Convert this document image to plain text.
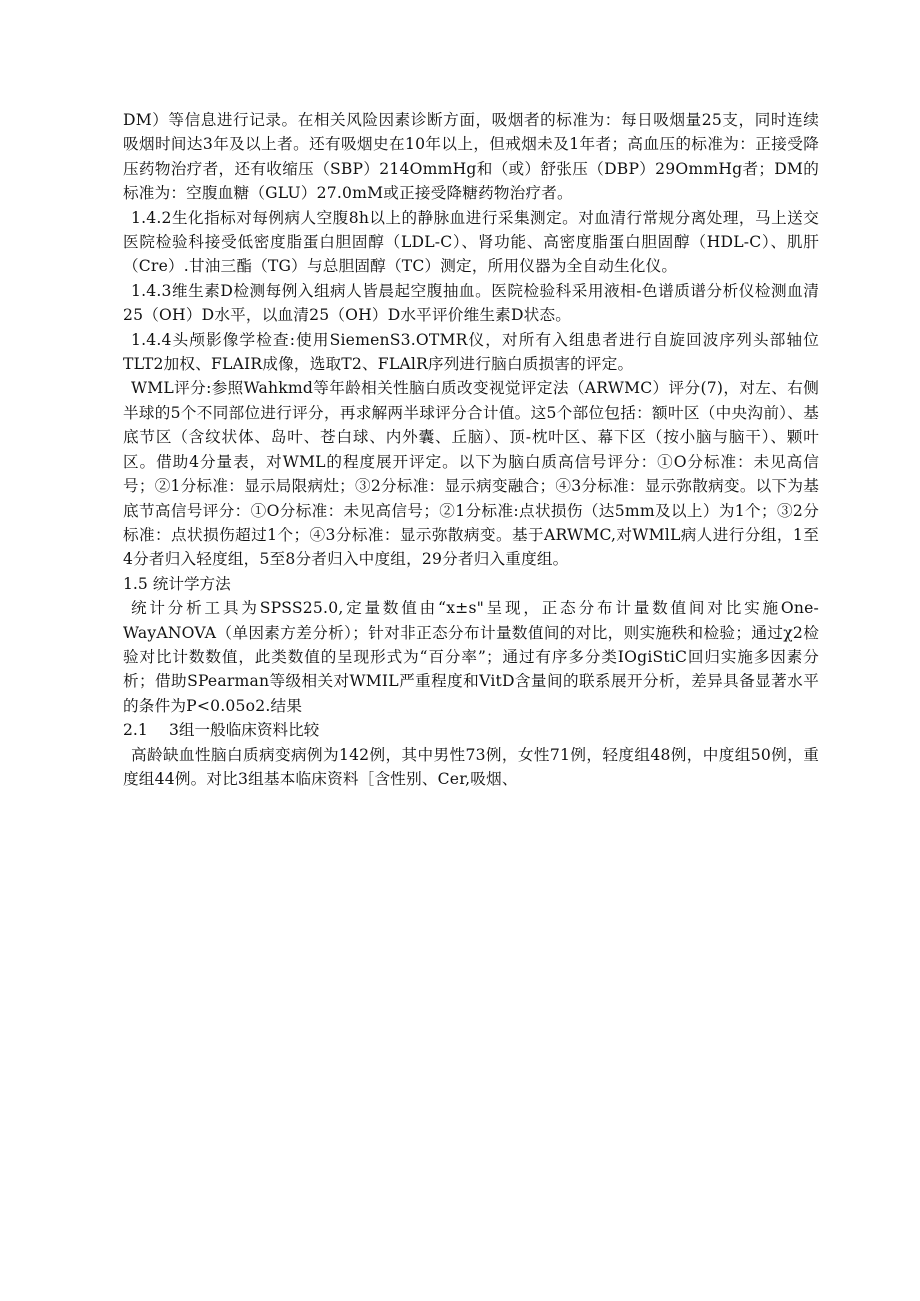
DM）等信息进行记录。在相关风险因素诊断方面，吸烟者的标准为：每日吸烟量25支，同时连续吸烟时间达3年及以上者。还有吸烟史在10年以上，但戒烟未及1年者；高血压的标准为：正接受降压药物治疗者，还有收缩压（SBP）214OmmHg和（或）舒张压（DBP）29OmmHg者；DM的标准为：空腹血糖（GLU）27.0mM或正接受降糖药物治疗者。

1.4.2生化指标对每例病人空腹8h以上的静脉血进行采集测定。对血清行常规分离处理，马上送交医院检验科接受低密度脂蛋白胆固醇（LDL-C）、肾功能、高密度脂蛋白胆固醇（HDL-C）、肌肝（Cre）.甘油三酯（TG）与总胆固醇（TC）测定，所用仪器为全自动生化仪。

1.4.3维生素D检测每例入组病人皆晨起空腹抽血。医院检验科采用液相-色谱质谱分析仪检测血清25（OH）D水平，以血清25（OH）D水平评价维生素D状态。

1.4.4头颅影像学检查:使用SiemenS3.OTMR仪，对所有入组患者进行自旋回波序列头部轴位TLT2加权、FLAIR成像，选取T2、FLAlR序列进行脑白质损害的评定。

WML评分:参照Wahkmd等年龄相关性脑白质改变视觉评定法（ARWMC）评分(7)，对左、右侧半球的5个不同部位进行评分，再求解两半球评分合计值。这5个部位包括：额叶区（中央沟前）、基底节区（含纹状体、岛叶、苍白球、内外囊、丘脑）、顶-枕叶区、幕下区（按小脑与脑干）、颗叶区。借助4分量表，对WML的程度展开评定。以下为脑白质高信号评分：①O分标准：未见高信号；②1分标准：显示局限病灶；③2分标准：显示病变融合；④3分标准：显示弥散病变。以下为基底节高信号评分：①O分标准：未见高信号；②1分标准:点状损伤（达5mm及以上）为1个；③2分标准：点状损伤超过1个；④3分标准：显示弥散病变。基于ARWMC,对WMlL病人进行分组，1至4分者归入轻度组，5至8分者归入中度组，29分者归入重度组。

1.5 统计学方法

统计分析工具为SPSS25.0,定量数值由“x±s"呈现，正态分布计量数值间对比实施One-WayANOVA（单因素方差分析）；针对非正态分布计量数值间的对比，则实施秩和检验；通过χ2检验对比计数数值，此类数值的呈现形式为“百分率”；通过有序多分类IOgiStiC回归实施多因素分析；借助SPearman等级相关对WMIL严重程度和VitD含量间的联系展开分析，差异具备显著水平的条件为P<0.05o2.结果

2.1 3组一般临床资料比较

高龄缺血性脑白质病变病例为142例，其中男性73例，女性71例，轻度组48例，中度组50例，重度组44例。对比3组基本临床资料［含性别、Cer,吸烟、
